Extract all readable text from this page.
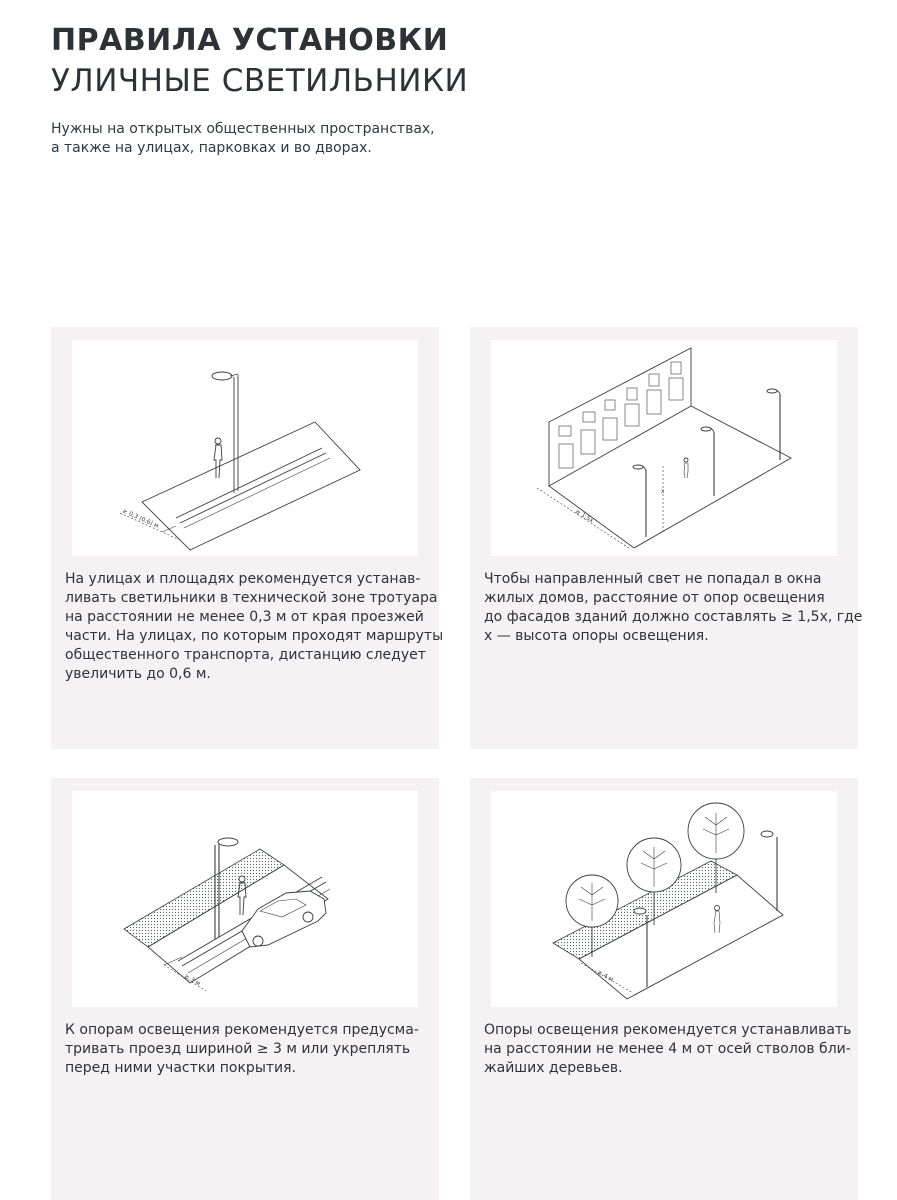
ПРАВИЛА УСТАНОВКИ
УЛИЧНЫЕ СВЕТИЛЬНИКИ

Нужны на открытых общественных пространствах,
а также на улицах, парковках и во дворах.

≥ 0,3 (0,6) м

На улицах и площадях рекомендуется устанав-
ливать светильники в технической зоне тротуара
на расстоянии не менее 0,3 м от края проезжей
части. На улицах, по которым проходят маршруты
общественного транспорта, дистанцию следует
увеличить до 0,6 м.

x
≥ 1,5x

Чтобы направленный свет не попадал в окна
жилых домов, расстояние от опор освещения
до фасадов зданий должно составлять ≥ 1,5x, где
x — высота опоры освещения.

≥ 3 м

К опорам освещения рекомендуется предусма-
тривать проезд шириной ≥ 3 м или укреплять
перед ними участки покрытия.

≥ 4 м

Опоры освещения рекомендуется устанавливать
на расстоянии не менее 4 м от осей стволов бли-
жайших деревьев.
